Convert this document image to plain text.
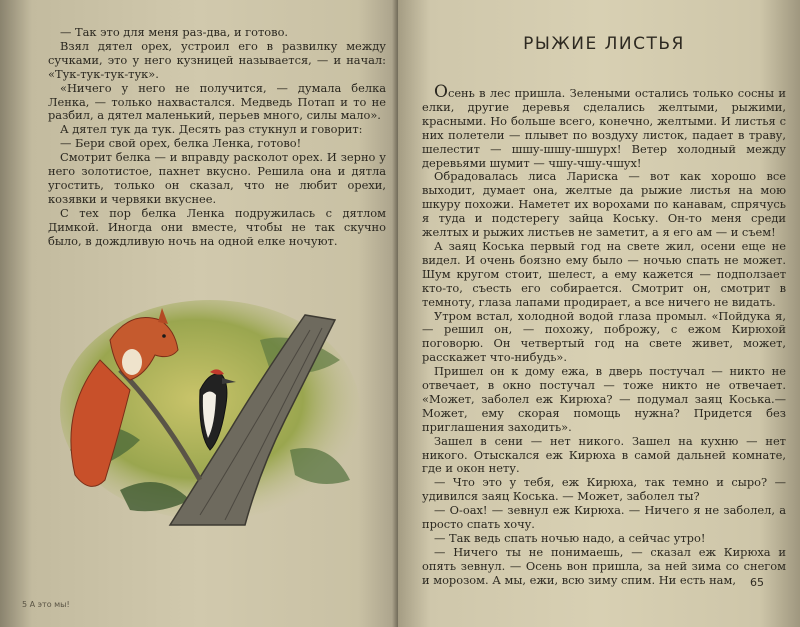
— Так это для меня раз-два, и готово.

Взял дятел орех, устроил его в развилку между сучками, это у него кузницей называется, — и начал: «Тук-тук-тук-тук».

«Ничего у него не получится, — думала белка Ленка, — только нахвастался. Медведь Потап и то не разбил, а дятел маленький, перьев много, силы мало».

А дятел тук да тук. Десять раз стукнул и говорит:

— Бери свой орех, белка Ленка, готово!

Смотрит белка — и вправду расколот орех. И зерно у него золотистое, пахнет вкусно. Решила она и дятла угостить, только он сказал, что не любит орехи, козявки и червяки вкуснее.

С тех пор белка Ленка подружилась с дятлом Димкой. Иногда они вместе, чтобы не так скучно было, в дождливую ночь на одной елке ночуют.

5 А это мы!
РЫЖИЕ ЛИСТЬЯ

Осень в лес пришла. Зелеными остались только сосны и елки, другие деревья сделались желтыми, рыжими, красными. Но больше всего, конечно, желтыми. И листья с них полетели — плывет по воздуху листок, падает в траву, шелестит — шшу-шшу-шшурх! Ветер холодный между деревьями шумит — чшу-чшу-чшух!

Обрадовалась лиса Лариска — вот как хорошо все выходит, думает она, желтые да рыжие листья на мою шкуру похожи. Наметет их ворохами по канавам, спрячусь я туда и подстерегу зайца Коську. Он-то меня среди желтых и рыжих листьев не заметит, а я его ам — и съем!

А заяц Коська первый год на свете жил, осени еще не видел. И очень боязно ему было — ночью спать не может. Шум кругом стоит, шелест, а ему кажется — подползает кто-то, съесть его собирается. Смотрит он, смотрит в темноту, глаза лапами продирает, а все ничего не видать.

Утром встал, холодной водой глаза промыл. «Пойдука я, — решил он, — похожу, поброжу, с ежом Кирюхой поговорю. Он четвертый год на свете живет, может, расскажет что-нибудь».

Пришел он к дому ежа, в дверь постучал — никто не отвечает, в окно постучал — тоже никто не отвечает. «Может, заболел еж Кирюха? — подумал заяц Коська.— Может, ему скорая помощь нужна? Придется без приглашения заходить».

Зашел в сени — нет никого. Зашел на кухню — нет никого. Отыскался еж Кирюха в самой дальней комнате, где и окон нету.

— Что это у тебя, еж Кирюха, так темно и сыро? — удивился заяц Коська. — Может, заболел ты?

— О-оах! — зевнул еж Кирюха. — Ничего я не заболел, а просто спать хочу.

— Так ведь спать ночью надо, а сейчас утро!

— Ничего ты не понимаешь, — сказал еж Кирюха и опять зевнул. — Осень вон пришла, за ней зима со снегом и морозом. А мы, ежи, всю зиму спим. Ни есть нам,	65
